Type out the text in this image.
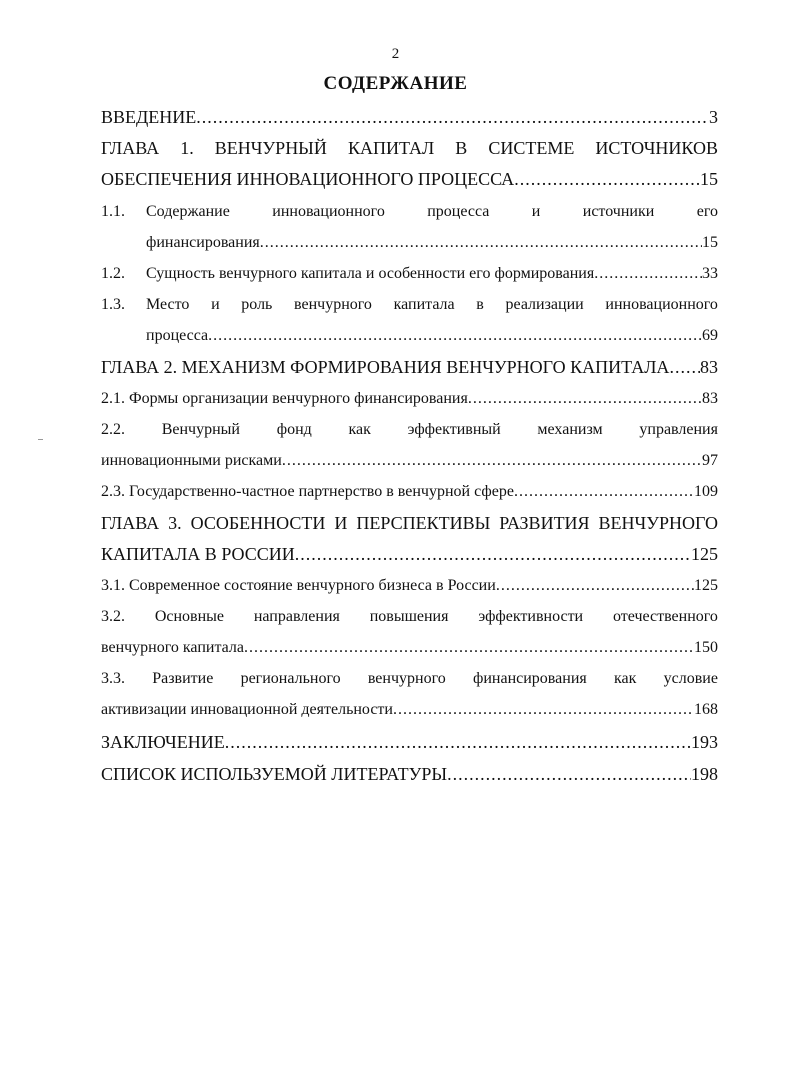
2
СОДЕРЖАНИЕ
ВВЕДЕНИЕ .....	3
ГЛАВА 1. ВЕНЧУРНЫЙ КАПИТАЛ В СИСТЕМЕ ИСТОЧНИКОВ
ОБЕСПЕЧЕНИЯ ИННОВАЦИОННОГО ПРОЦЕССА .....	15
1.1.	Содержание	инновационного	процесса	и	источники	его
финансирования .....	15
1.2.	Сущность венчурного капитала и особенности его формирования .....	33
1.3.	Место и роль венчурного капитала в реализации инновационного
процесса .....	69
ГЛАВА 2. МЕХАНИЗМ ФОРМИРОВАНИЯ ВЕНЧУРНОГО КАПИТАЛА ..... 83
2.1. Формы организации венчурного финансирования .....	83
2.2. Венчурный фонд как эффективный механизм управления
инновационными рисками .....	97
2.3. Государственно-частное партнерство в венчурной сфере .....	109
ГЛАВА 3. ОСОБЕННОСТИ И ПЕРСПЕКТИВЫ РАЗВИТИЯ ВЕНЧУРНОГО
КАПИТАЛА В РОССИИ .....	125
3.1. Современное состояние венчурного бизнеса в России .....	125
3.2. Основные направления повышения эффективности отечественного
венчурного капитала .....	150
3.3. Развитие регионального венчурного финансирования как условие
активизации инновационной деятельности .....	168
ЗАКЛЮЧЕНИЕ .....	193
СПИСОК ИСПОЛЬЗУЕМОЙ ЛИТЕРАТУРЫ .....	198
